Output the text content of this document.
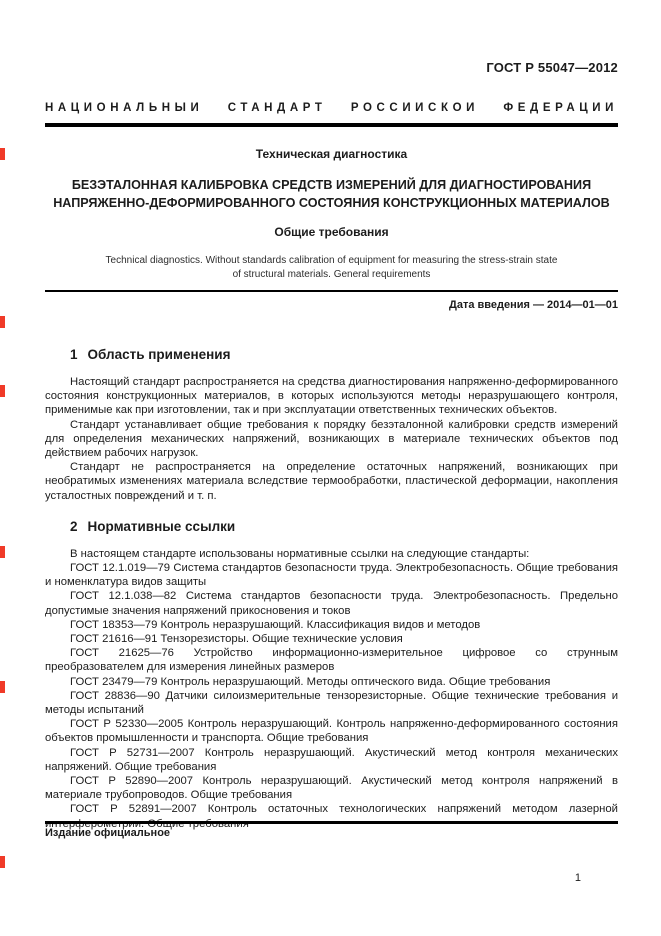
ГОСТ Р 55047—2012
НАЦИОНАЛЬНЫЙ СТАНДАРТ РОССИЙСКОЙ ФЕДЕРАЦИИ
Техническая диагностика
БЕЗЭТАЛОННАЯ КАЛИБРОВКА СРЕДСТВ ИЗМЕРЕНИЙ ДЛЯ ДИАГНОСТИРОВАНИЯ
НАПРЯЖЕННО-ДЕФОРМИРОВАННОГО СОСТОЯНИЯ КОНСТРУКЦИОННЫХ МАТЕРИАЛОВ
Общие требования
Technical diagnostics. Without standards calibration of equipment for measuring the stress-strain state
of structural materials. General requirements
Дата введения — 2014—01—01
1 Область применения

Настоящий стандарт распространяется на средства диагностирования напряженно-деформированного состояния конструкционных материалов, в которых используются методы неразрушающего контроля, применимые как при изготовлении, так и при эксплуатации ответственных технических объектов.

Стандарт устанавливает общие требования к порядку безэталонной калибровки средств измерений для определения механических напряжений, возникающих в материале технических объектов под действием рабочих нагрузок.

Стандарт не распространяется на определение остаточных напряжений, возникающих при необратимых изменениях материала вследствие термообработки, пластической деформации, накопления усталостных повреждений и т. п.

2 Нормативные ссылки

В настоящем стандарте использованы нормативные ссылки на следующие стандарты:

ГОСТ 12.1.019—79 Система стандартов безопасности труда. Электробезопасность. Общие требования и номенклатура видов защиты

ГОСТ 12.1.038—82 Система стандартов безопасности труда. Электробезопасность. Предельно допустимые значения напряжений прикосновения и токов

ГОСТ 18353—79 Контроль неразрушающий. Классификация видов и методов

ГОСТ 21616—91 Тензорезисторы. Общие технические условия

ГОСТ 21625—76 Устройство информационно-измерительное цифровое со струнным преобразователем для измерения линейных размеров

ГОСТ 23479—79 Контроль неразрушающий. Методы оптического вида. Общие требования

ГОСТ 28836—90 Датчики силоизмерительные тензорезисторные. Общие технические требования и методы испытаний

ГОСТ Р 52330—2005 Контроль неразрушающий. Контроль напряженно-деформированного состояния объектов промышленности и транспорта. Общие требования

ГОСТ Р 52731—2007 Контроль неразрушающий. Акустический метод контроля механических напряжений. Общие требования

ГОСТ Р 52890—2007 Контроль неразрушающий. Акустический метод контроля напряжений в материале трубопроводов. Общие требования

ГОСТ Р 52891—2007 Контроль остаточных технологических напряжений методом лазерной интерферометрии. Общие требования

Издание официальное
1
